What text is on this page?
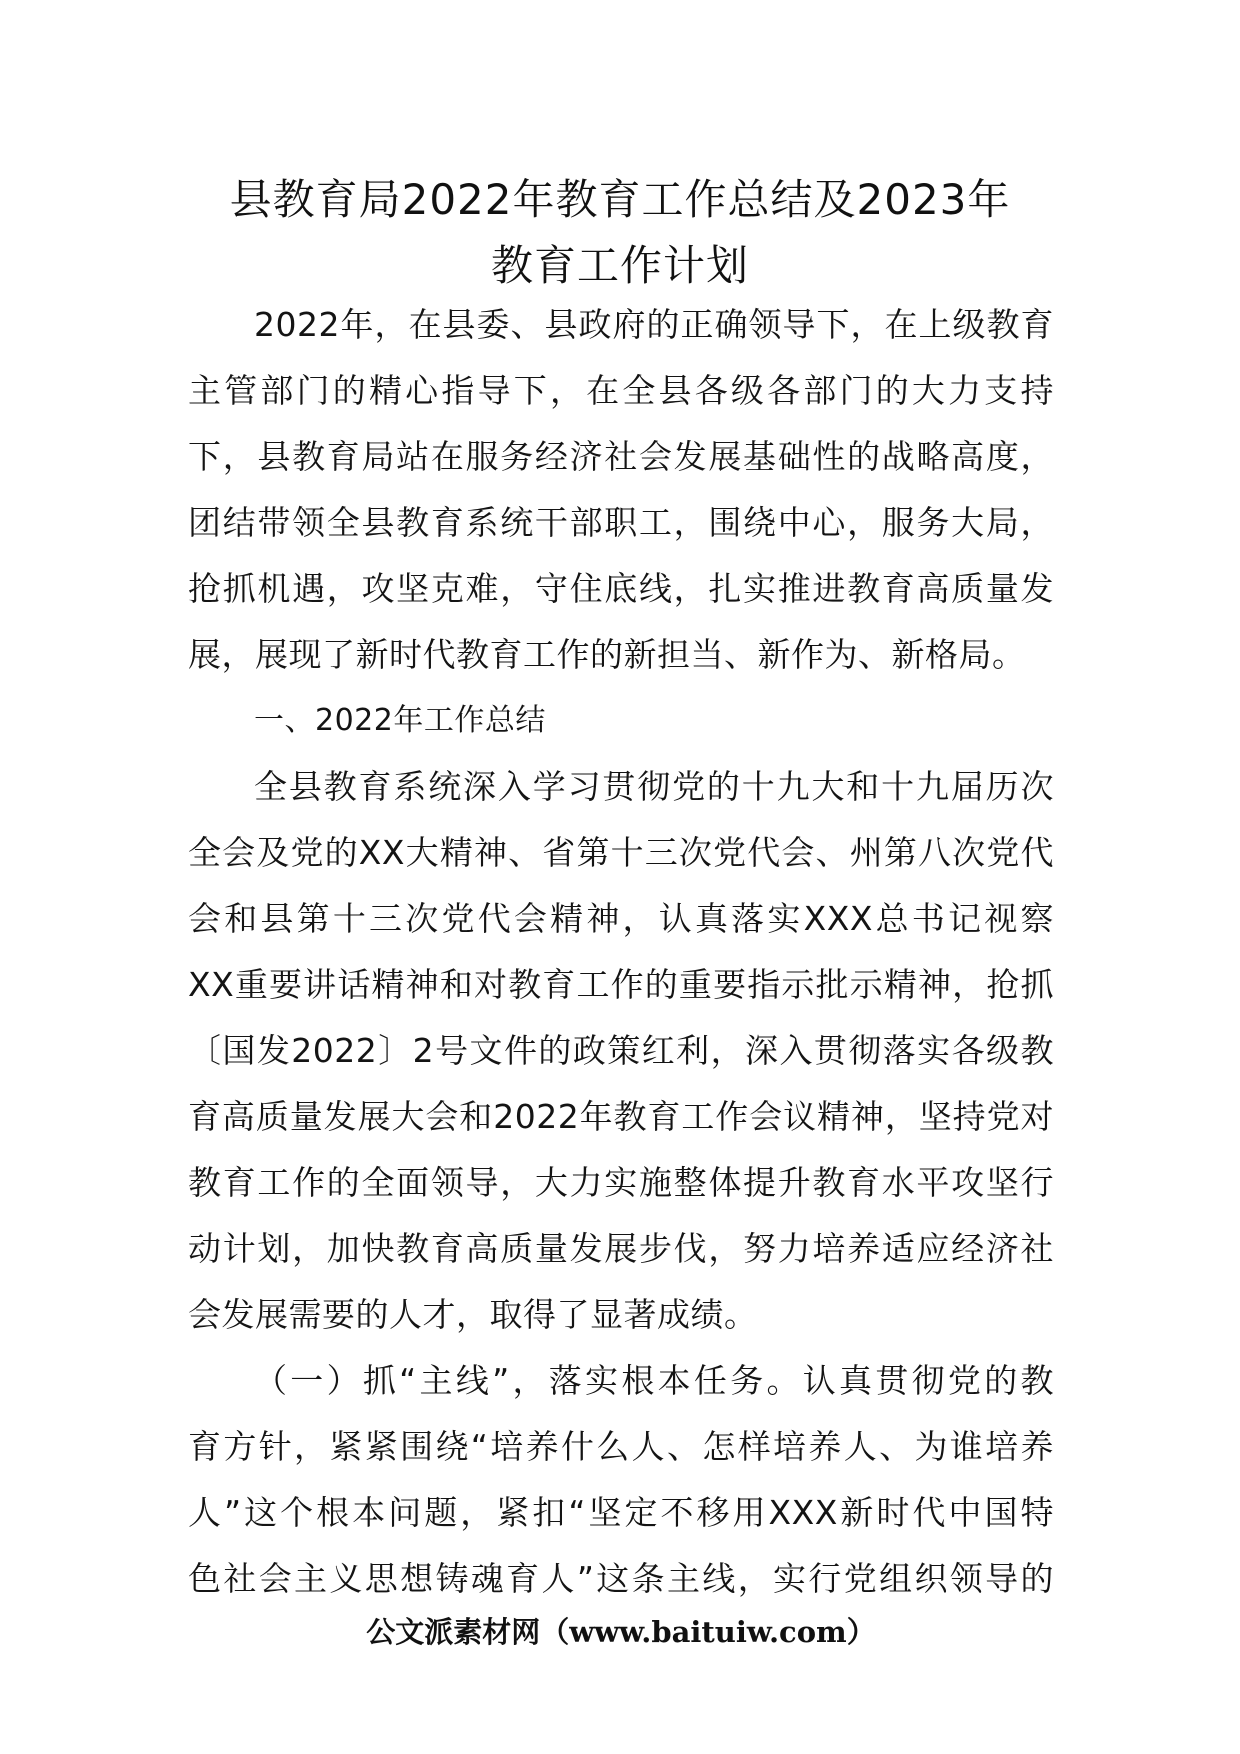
县教育局2022年教育工作总结及2023年
教育工作计划
2022年，在县委、县政府的正确领导下，在上级教育
主管部门的精心指导下，在全县各级各部门的大力支持
下，县教育局站在服务经济社会发展基础性的战略高度，
团结带领全县教育系统干部职工，围绕中心，服务大局，
抢抓机遇，攻坚克难，守住底线，扎实推进教育高质量发
展，展现了新时代教育工作的新担当、新作为、新格局。
一、2022年工作总结
全县教育系统深入学习贯彻党的十九大和十九届历次
全会及党的XX大精神、省第十三次党代会、州第八次党代
会和县第十三次党代会精神，认真落实XXX总书记视察
XX重要讲话精神和对教育工作的重要指示批示精神，抢抓
〔国发2022〕2号文件的政策红利，深入贯彻落实各级教
育高质量发展大会和2022年教育工作会议精神，坚持党对
教育工作的全面领导，大力实施整体提升教育水平攻坚行
动计划，加快教育高质量发展步伐，努力培养适应经济社
会发展需要的人才，取得了显著成绩。
（一）抓“主线”，落实根本任务。认真贯彻党的教
育方针，紧紧围绕“培养什么人、怎样培养人、为谁培养
人”这个根本问题，紧扣“坚定不移用XXX新时代中国特
色社会主义思想铸魂育人”这条主线，实行党组织领导的
公文派素材网（www.baituiw.com）
